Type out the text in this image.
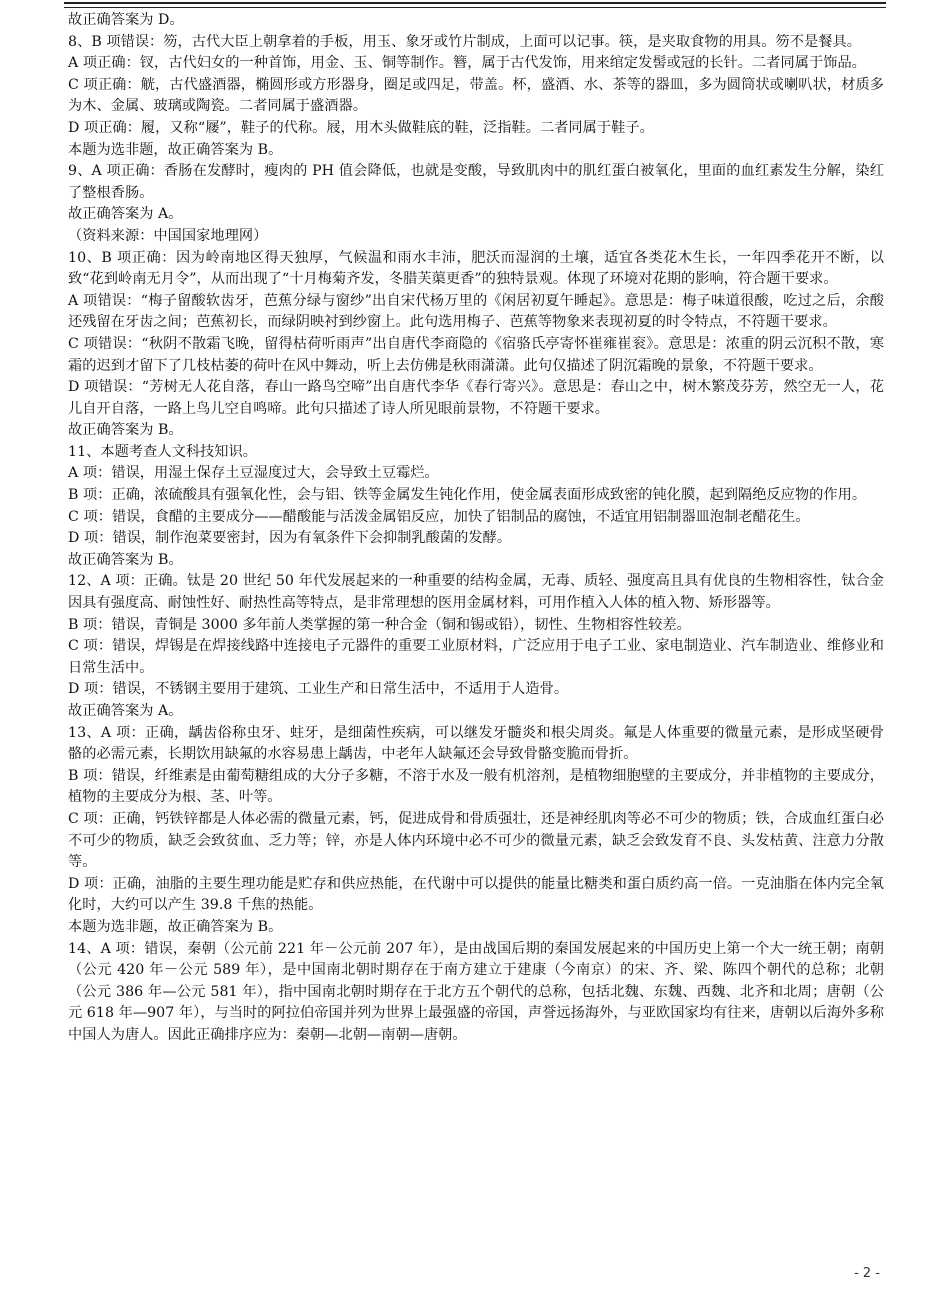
故正确答案为 D。

8、B 项错误：笏，古代大臣上朝拿着的手板，用玉、象牙或竹片制成，上面可以记事。筷，是夹取食物的用具。笏不是餐具。

A 项正确：钗，古代妇女的一种首饰，用金、玉、铜等制作。簪，属于古代发饰，用来绾定发髻或冠的长针。二者同属于饰品。

C 项正确：觥，古代盛酒器，椭圆形或方形器身，圈足或四足，带盖。杯，盛酒、水、茶等的器皿，多为圆筒状或喇叭状，材质多为木、金属、玻璃或陶瓷。二者同属于盛酒器。

D 项正确：履，又称“屦”，鞋子的代称。屐，用木头做鞋底的鞋，泛指鞋。二者同属于鞋子。

本题为选非题，故正确答案为 B。

9、A 项正确：香肠在发酵时，瘦肉的 PH 值会降低，也就是变酸，导致肌肉中的肌红蛋白被氧化，里面的血红素发生分解，染红了整根香肠。

故正确答案为 A。

（资料来源：中国国家地理网）

10、B 项正确：因为岭南地区得天独厚，气候温和雨水丰沛，肥沃而湿润的土壤，适宜各类花木生长，一年四季花开不断，以致“花到岭南无月令”，从而出现了“十月梅菊齐发，冬腊芙蕖更香”的独特景观。体现了环境对花期的影响，符合题干要求。

A 项错误：“梅子留酸软齿牙，芭蕉分绿与窗纱”出自宋代杨万里的《闲居初夏午睡起》。意思是：梅子味道很酸，吃过之后，余酸还残留在牙齿之间；芭蕉初长，而绿阴映衬到纱窗上。此句选用梅子、芭蕉等物象来表现初夏的时令特点，不符题干要求。

C 项错误：“秋阴不散霜飞晚，留得枯荷听雨声”出自唐代李商隐的《宿骆氏亭寄怀崔雍崔衮》。意思是：浓重的阴云沉积不散，寒霜的迟到才留下了几枝枯萎的荷叶在风中舞动，听上去仿佛是秋雨潇潇。此句仅描述了阴沉霜晚的景象，不符题干要求。

D 项错误：“芳树无人花自落，春山一路鸟空啼”出自唐代李华《春行寄兴》。意思是：春山之中，树木繁茂芬芳，然空无一人，花儿自开自落，一路上鸟儿空自鸣啼。此句只描述了诗人所见眼前景物，不符题干要求。

故正确答案为 B。

11、本题考查人文科技知识。

A 项：错误，用湿土保存土豆湿度过大，会导致土豆霉烂。

B 项：正确，浓硫酸具有强氧化性，会与铝、铁等金属发生钝化作用，使金属表面形成致密的钝化膜，起到隔绝反应物的作用。

C 项：错误，食醋的主要成分——醋酸能与活泼金属铝反应，加快了铝制品的腐蚀，不适宜用铝制器皿泡制老醋花生。

D 项：错误，制作泡菜要密封，因为有氧条件下会抑制乳酸菌的发酵。

故正确答案为 B。

12、A 项：正确。钛是 20 世纪 50 年代发展起来的一种重要的结构金属，无毒、质轻、强度高且具有优良的生物相容性，钛合金因具有强度高、耐蚀性好、耐热性高等特点，是非常理想的医用金属材料，可用作植入人体的植入物、矫形器等。

B 项：错误，青铜是 3000 多年前人类掌握的第一种合金（铜和锡或铅），韧性、生物相容性较差。

C 项：错误，焊锡是在焊接线路中连接电子元器件的重要工业原材料，广泛应用于电子工业、家电制造业、汽车制造业、维修业和日常生活中。

D 项：错误，不锈钢主要用于建筑、工业生产和日常生活中，不适用于人造骨。

故正确答案为 A。

13、A 项：正确，龋齿俗称虫牙、蛀牙，是细菌性疾病，可以继发牙髓炎和根尖周炎。氟是人体重要的微量元素，是形成坚硬骨骼的必需元素，长期饮用缺氟的水容易患上龋齿，中老年人缺氟还会导致骨骼变脆而骨折。

B 项：错误，纤维素是由葡萄糖组成的大分子多糖，不溶于水及一般有机溶剂，是植物细胞壁的主要成分，并非植物的主要成分，植物的主要成分为根、茎、叶等。

C 项：正确，钙铁锌都是人体必需的微量元素，钙，促进成骨和骨质强壮，还是神经肌肉等必不可少的物质；铁，合成血红蛋白必不可少的物质，缺乏会致贫血、乏力等；锌，亦是人体内环境中必不可少的微量元素，缺乏会致发育不良、头发枯黄、注意力分散等。

D 项：正确，油脂的主要生理功能是贮存和供应热能，在代谢中可以提供的能量比糖类和蛋白质约高一倍。一克油脂在体内完全氧化时，大约可以产生 39.8 千焦的热能。

本题为选非题，故正确答案为 B。

14、A 项：错误，秦朝（公元前 221 年－公元前 207 年），是由战国后期的秦国发展起来的中国历史上第一个大一统王朝；南朝（公元 420 年－公元 589 年），是中国南北朝时期存在于南方建立于建康（今南京）的宋、齐、梁、陈四个朝代的总称；北朝（公元 386 年—公元 581 年），指中国南北朝时期存在于北方五个朝代的总称，包括北魏、东魏、西魏、北齐和北周；唐朝（公元 618 年—907 年），与当时的阿拉伯帝国并列为世界上最强盛的帝国，声誉远扬海外，与亚欧国家均有往来，唐朝以后海外多称中国人为唐人。因此正确排序应为：秦朝—北朝—南朝—唐朝。

- 2 -
